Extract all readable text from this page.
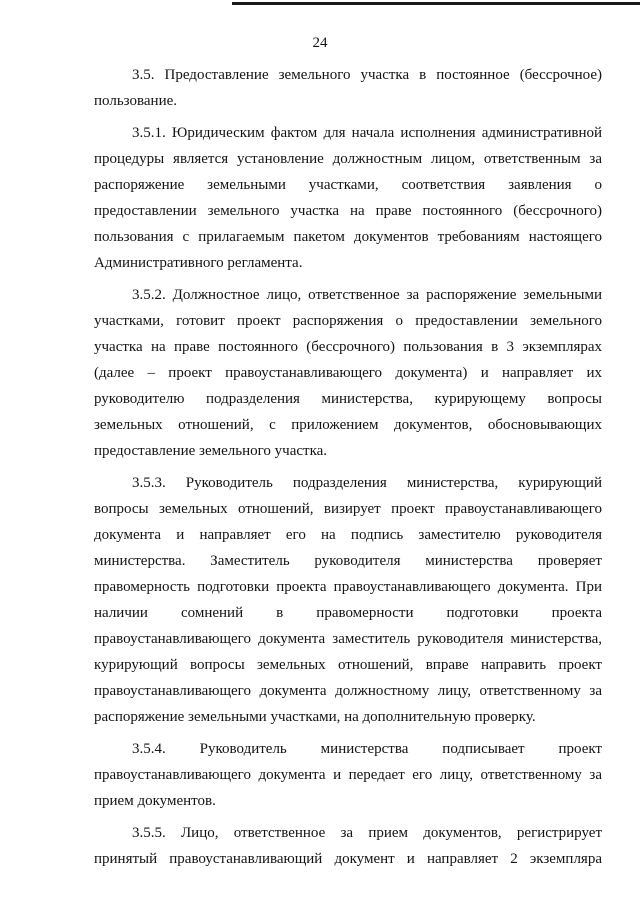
24

3.5. Предоставление земельного участка в постоянное (бессрочное)
пользование.

3.5.1. Юридическим фактом для начала исполнения административной
процедуры является установление должностным лицом, ответственным за
распоряжение земельными участками, соответствия заявления о
предоставлении земельного участка на праве постоянного (бессрочного)
пользования с прилагаемым пакетом документов требованиям настоящего
Административного регламента.

3.5.2. Должностное лицо, ответственное за распоряжение земельными
участками, готовит проект распоряжения о предоставлении земельного
участка на праве постоянного (бессрочного) пользования в 3 экземплярах
(далее – проект правоустанавливающего документа) и направляет их
руководителю подразделения министерства, курирующему вопросы
земельных отношений, с приложением документов, обосновывающих
предоставление земельного участка.

3.5.3. Руководитель подразделения министерства, курирующий
вопросы земельных отношений, визирует проект правоустанавливающего
документа и направляет его на подпись заместителю руководителя
министерства. Заместитель руководителя министерства проверяет
правомерность подготовки проекта правоустанавливающего документа. При
наличии сомнений в правомерности подготовки проекта
правоустанавливающего документа заместитель руководителя министерства,
курирующий вопросы земельных отношений, вправе направить проект
правоустанавливающего документа должностному лицу, ответственному за
распоряжение земельными участками, на дополнительную проверку.

3.5.4. Руководитель министерства подписывает проект
правоустанавливающего документа и передает его лицу, ответственному за
прием документов.

3.5.5. Лицо, ответственное за прием документов, регистрирует
принятый правоустанавливающий документ и направляет 2 экземпляра
